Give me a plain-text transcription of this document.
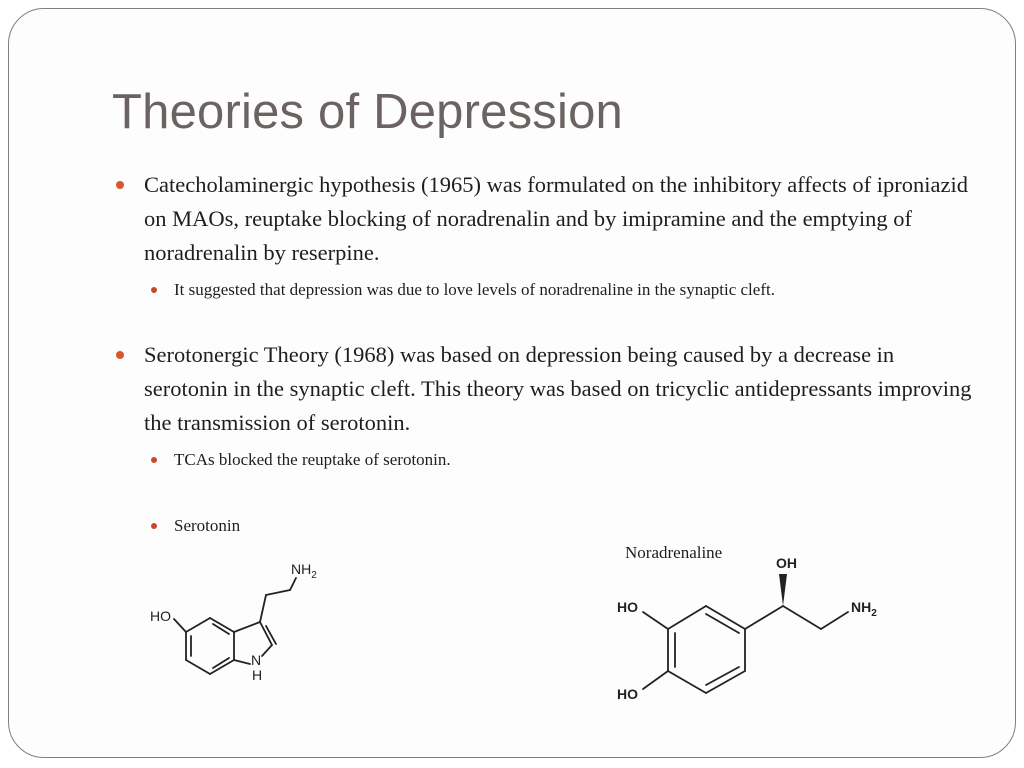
Theories of Depression
Catecholaminergic hypothesis (1965) was formulated on the inhibitory affects of iproniazid on MAOs, reuptake blocking of noradrenalin and by imipramine and the emptying of noradrenalin by reserpine.
It suggested that depression was due to love levels of noradrenaline in the synaptic cleft.
Serotonergic Theory (1968) was based on depression being caused by a decrease in serotonin in the synaptic cleft. This theory was based on tricyclic antidepressants improving the transmission of serotonin.
TCAs blocked the reuptake of serotonin.
Serotonin
Noradrenaline
HO
$NH_2$
N
H
OH
HO
HO
$NH_2$
